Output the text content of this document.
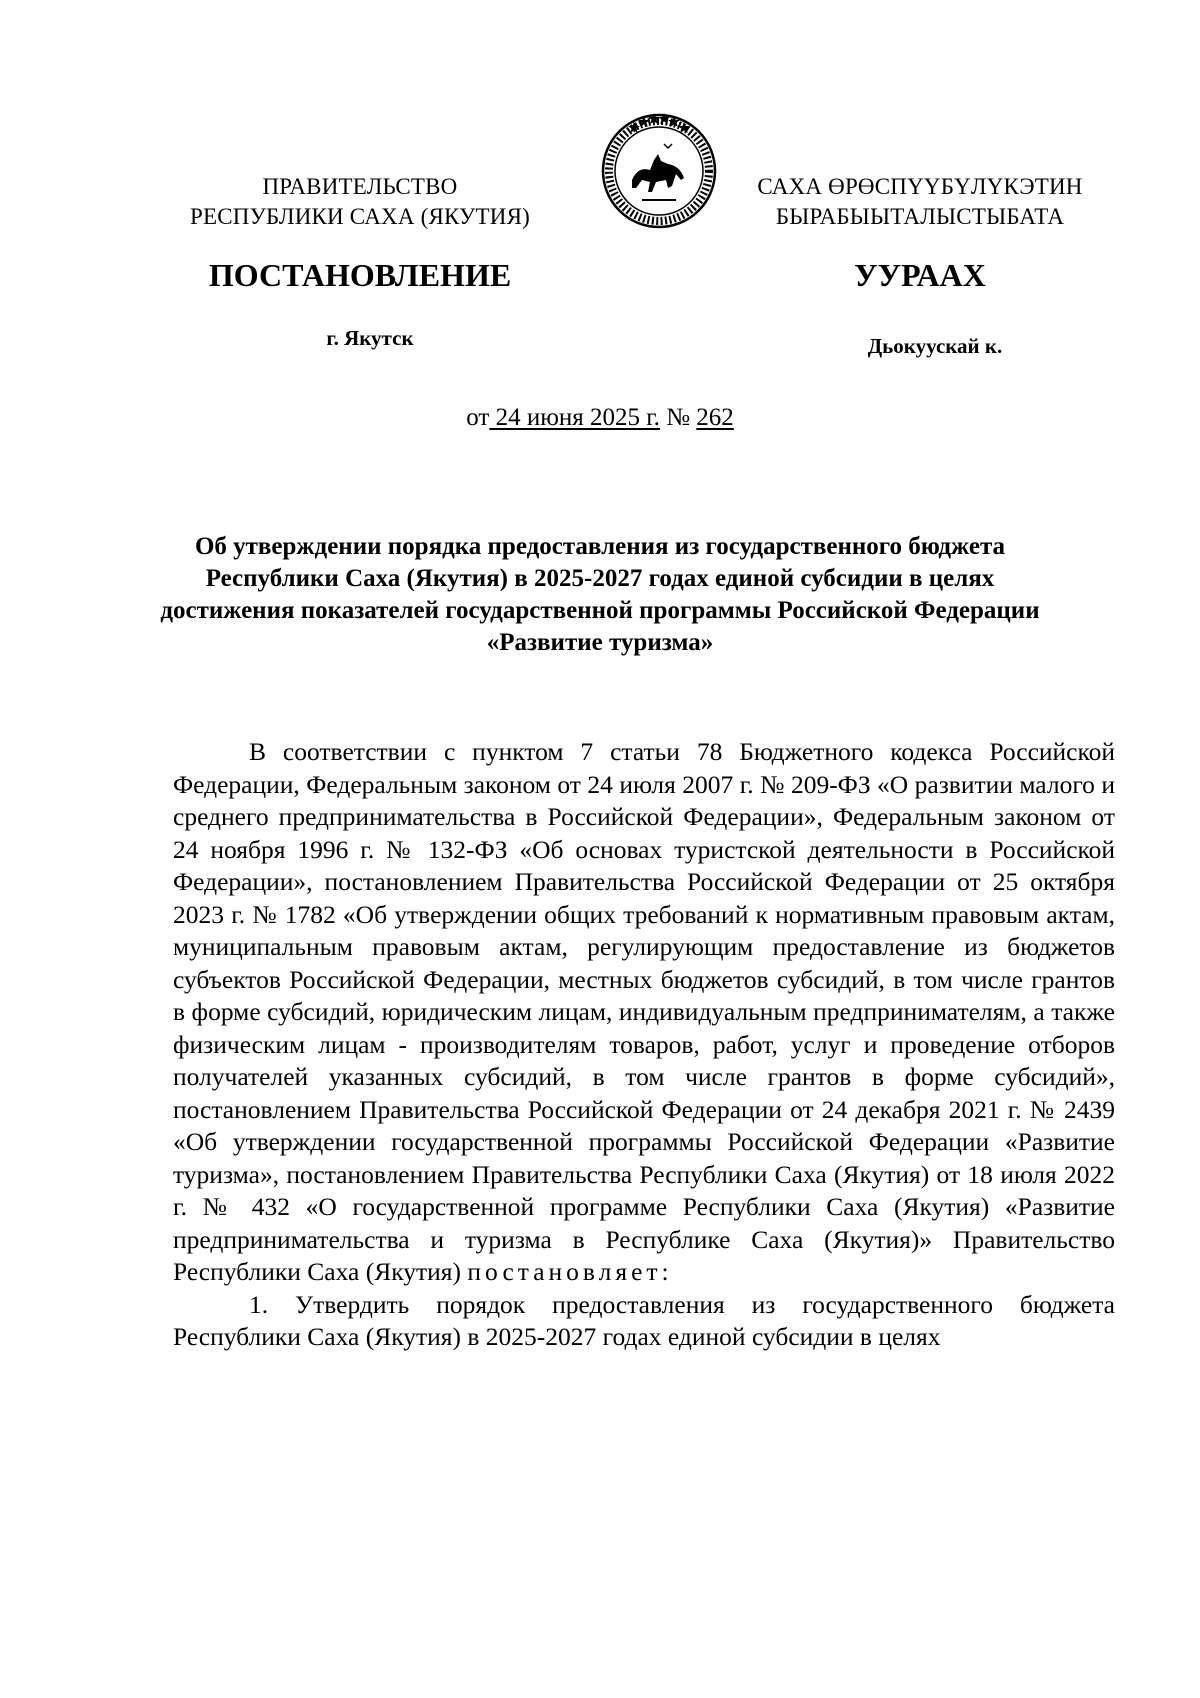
ПРАВИТЕЛЬСТВО
РЕСПУБЛИКИ САХА (ЯКУТИЯ)
САХА ӨРӨСПҮҮБҮЛҮКЭТИН
БЫРАБЫЫТАЛЫСТЫБАТА
ПОСТАНОВЛЕНИЕ	УУРААХ
г. Якутск	Дьокуускай к.
от 24 июня 2025 г. № 262
Об утверждении порядка предоставления из государственного бюджета Республики Саха (Якутия) в 2025-2027 годах единой субсидии в целях достижения показателей государственной программы Российской Федерации «Развитие туризма»

В соответствии с пунктом 7 статьи 78 Бюджетного кодекса Российской Федерации, Федеральным законом от 24 июля 2007 г. № 209-ФЗ «О развитии малого и среднего предпринимательства в Российской Федерации», Федеральным законом от 24 ноября 1996 г. № 132-ФЗ «Об основах туристской деятельности в Российской Федерации», постановлением Правительства Российской Федерации от 25 октября 2023 г. № 1782 «Об утверждении общих требований к нормативным правовым актам, муниципальным правовым актам, регулирующим предоставление из бюджетов субъектов Российской Федерации, местных бюджетов субсидий, в том числе грантов в форме субсидий, юридическим лицам, индивидуальным предпринимателям, а также физическим лицам - производителям товаров, работ, услуг и проведение отборов получателей указанных субсидий, в том числе грантов в форме субсидий», постановлением Правительства Российской Федерации от 24 декабря 2021 г. № 2439 «Об утверждении государственной программы Российской Федерации «Развитие туризма», постановлением Правительства Республики Саха (Якутия) от 18 июля 2022 г. № 432 «О государственной программе Республики Саха (Якутия) «Развитие предпринимательства и туризма в Республике Саха (Якутия)» Правительство Республики Саха (Якутия) постановляет:

1. Утвердить порядок предоставления из государственного бюджета Республики Саха (Якутия) в 2025-2027 годах единой субсидии в целях
